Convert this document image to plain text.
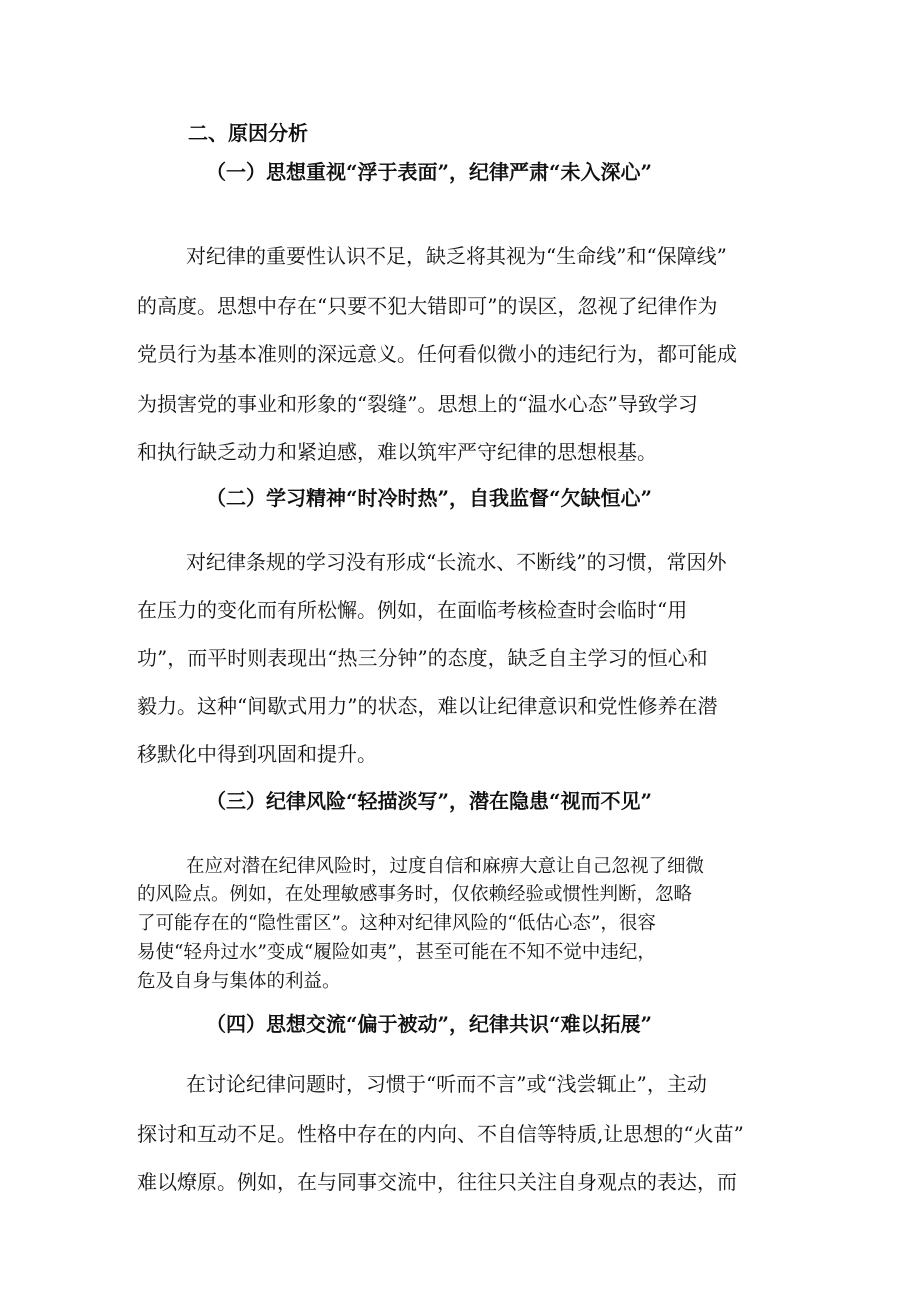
二、原因分析
（一）思想重视“浮于表面”，纪律严肃“未入深心”
对纪律的重要性认识不足，缺乏将其视为“生命线”和“保障线”
的高度。思想中存在“只要不犯大错即可”的误区，忽视了纪律作为
党员行为基本准则的深远意义。任何看似微小的违纪行为，都可能成
为损害党的事业和形象的“裂缝”。思想上的“温水心态”导致学习
和执行缺乏动力和紧迫感，难以筑牢严守纪律的思想根基。
（二）学习精神“时冷时热”，自我监督“欠缺恒心”
对纪律条规的学习没有形成“长流水、不断线”的习惯，常因外
在压力的变化而有所松懈。例如，在面临考核检查时会临时“用
功”，而平时则表现出“热三分钟”的态度，缺乏自主学习的恒心和
毅力。这种“间歇式用力”的状态，难以让纪律意识和党性修养在潜
移默化中得到巩固和提升。
（三）纪律风险“轻描淡写”，潜在隐患“视而不见”
在应对潜在纪律风险时，过度自信和麻痹大意让自己忽视了细微
的风险点。例如，在处理敏感事务时，仅依赖经验或惯性判断，忽略
了可能存在的“隐性雷区”。这种对纪律风险的“低估心态”，很容
易使“轻舟过水”变成“履险如夷”，甚至可能在不知不觉中违纪，
危及自身与集体的利益。
（四）思想交流“偏于被动”，纪律共识“难以拓展”
在讨论纪律问题时，习惯于“听而不言”或“浅尝辄止”，主动
探讨和互动不足。性格中存在的内向、不自信等特质,让思想的“火苗”
难以燎原。例如，在与同事交流中，往往只关注自身观点的表达，而
